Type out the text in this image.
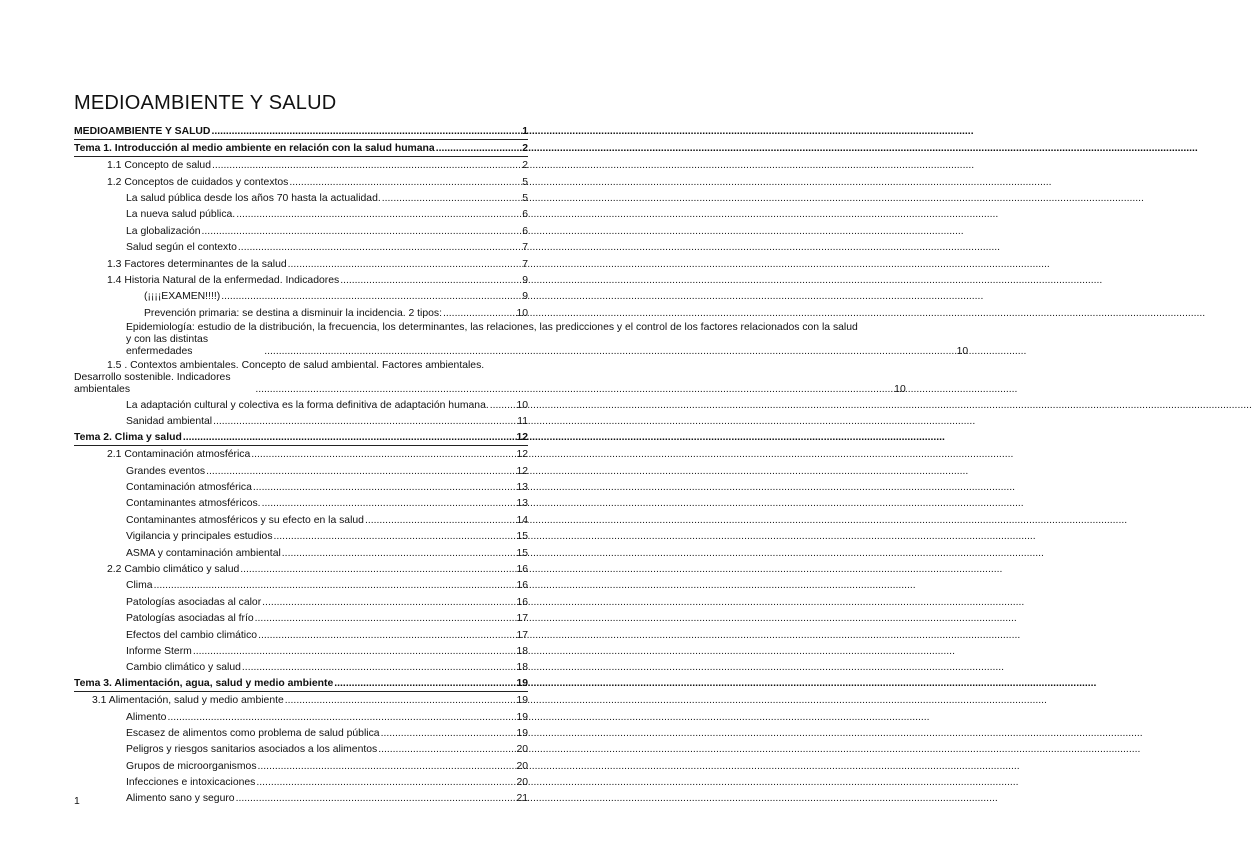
MEDIOAMBIENTE Y SALUD
MEDIOAMBIENTE Y SALUD .....	1
Tema 1. Introducción al medio ambiente en relación con la salud humana .....	2
1.1 Concepto de salud .....	2
1.2 Conceptos de cuidados y contextos .....	5
La salud pública desde los años 70 hasta la actualidad. .....	5
La nueva salud pública. .....	6
La globalización .....	6
Salud según el contexto .....	7
1.3 Factores determinantes de la salud .....	7
1.4 Historia Natural de la enfermedad. Indicadores .....	9
(¡¡¡¡EXAMEN!!!!) .....	9
Prevención primaria: se destina a disminuir la incidencia. 2 tipos: .....	10
Epidemiología: estudio de la distribución, la frecuencia, los determinantes, las relaciones, las predicciones y el control de los factores relacionados con la salud
y con las distintas enfermedades .....	10
1.5 . Contextos ambientales. Concepto de salud ambiental. Factores ambientales.
Desarrollo sostenible. Indicadores ambientales .....	10
La adaptación cultural y colectiva es la forma definitiva de adaptación humana. .....	10
Sanidad ambiental .....	11
Tema 2. Clima y salud .....	12
2.1 Contaminación atmosférica .....	12
Grandes eventos .....	12
Contaminación atmosférica .....	13
Contaminantes atmosféricos. .....	13
Contaminantes atmosféricos y su efecto en la salud .....	14
Vigilancia y principales estudios .....	15
ASMA y contaminación ambiental .....	15
2.2 Cambio climático y salud .....	16
Clima .....	16
Patologías asociadas al calor .....	16
Patologías asociadas al frío .....	17
Efectos del cambio climático .....	17
Informe Sterm .....	18
Cambio climático y salud .....	18
Tema 3. Alimentación, agua, salud y medio ambiente .....	19
3.1 Alimentación, salud y medio ambiente .....	19
Alimento .....	19
Escasez de alimentos como problema de salud pública .....	19
Peligros y riesgos sanitarios asociados a los alimentos .....	20
Grupos de microorganismos .....	20
Infecciones e intoxicaciones .....	20
Alimento sano y seguro .....	21
1
